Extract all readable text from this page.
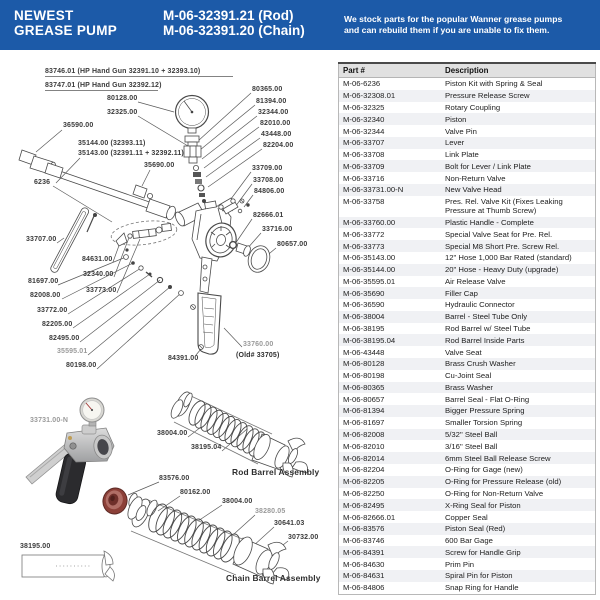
NEWEST
GREASE PUMP
M-06-32391.21 (Rod)
M-06-32391.20 (Chain)
We stock parts for the popular Wanner grease pumps
and can rebuild them if you are unable to fix them.
83746.01 (HP Hand Gun 32391.10 + 32393.10)
83747.01 (HP Hand Gun 32392.12)
80128.00
32325.00
36590.00
35144.00 (32393.11)
35143.00 (32391.11 + 32392.11)
35690.00
6236
33707.00
84631.00
32340.00
33773.00
81697.00
82008.00
33772.00
82205.00
82495.00
35595.01
80198.00
84391.00
33760.00
(Old# 33705)
80365.00
81394.00
32344.00
82010.00
43448.00
82204.00
33709.00
33708.00
84806.00
82666.01
33716.00
80657.00
33731.00-N
38004.00
38195.04
Rod Barrel Assembly
83576.00
80162.00
38004.00
38280.05
30641.03
30732.00
38195.00
Chain Barrel Assembly
Part #	Description
M-06-6236	Piston Kit with Spring & Seal
M-06-32308.01	Pressure Release Screw
M-06-32325	Rotary Coupling
M-06-32340	Piston
M-06-32344	Valve Pin
M-06-33707	Lever
M-06-33708	Link Plate
M-06-33709	Bolt for Lever / Link Plate
M-06-33716	Non-Return Valve
M-06-33731.00-N	New Valve Head
M-06-33758	Pres. Rel. Valve Kit (Fixes Leaking Pressure at Thumb Screw)
M-06-33760.00	Plastic Handle - Complete
M-06-33772	Special Valve Seat for Pre. Rel.
M-06-33773	Special M8 Short Pre. Screw Rel.
M-06-35143.00	12" Hose 1,000 Bar Rated (standard)
M-06-35144.00	20" Hose - Heavy Duty (upgrade)
M-06-35595.01	Air Release Valve
M-06-35690	Filler Cap
M-06-36590	Hydraulic Connector
M-06-38004	Barrel - Steel Tube Only
M-06-38195	Rod Barrel w/ Steel Tube
M-06-38195.04	Rod Barrel Inside Parts
M-06-43448	Valve Seat
M-06-80128	Brass Crush Washer
M-06-80198	Cu-Joint Seal
M-06-80365	Brass Washer
M-06-80657	Barrel Seal - Flat O-Ring
M-06-81394	Bigger Pressure Spring
M-06-81697	Smaller Torsion Spring
M-06-82008	5/32" Steel Ball
M-06-82010	3/16" Steel Ball
M-06-82014	6mm Steel Ball Release Screw
M-06-82204	O-Ring for Gage (new)
M-06-82205	O-Ring for Pressure Release (old)
M-06-82250	O-Ring for Non-Return Valve
M-06-82495	X-Ring Seal for Piston
M-06-82666.01	Copper Seal
M-06-83576	Piston Seal (Red)
M-06-83746	600 Bar Gage
M-06-84391	Screw for Handle Grip
M-06-84630	Prim Pin
M-06-84631	Spiral Pin for Piston
M-06-84806	Snap Ring for Handle
